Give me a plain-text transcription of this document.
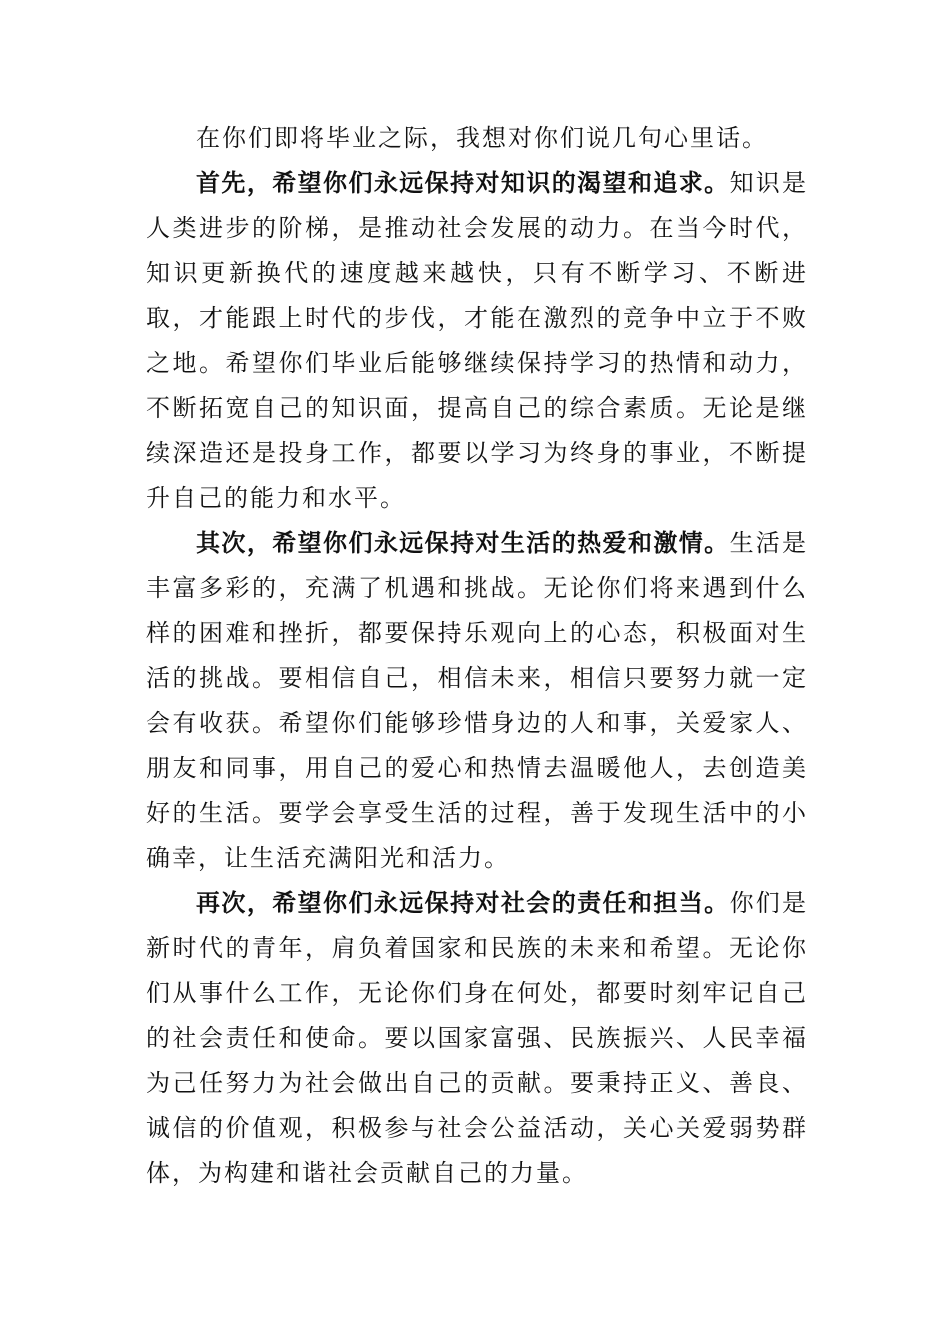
在你们即将毕业之际，我想对你们说几句心里话。

首先，希望你们永远保持对知识的渴望和追求。知识是人类进步的阶梯，是推动社会发展的动力。在当今时代，知识更新换代的速度越来越快，只有不断学习、不断进取，才能跟上时代的步伐，才能在激烈的竞争中立于不败之地。希望你们毕业后能够继续保持学习的热情和动力，不断拓宽自己的知识面，提高自己的综合素质。无论是继续深造还是投身工作，都要以学习为终身的事业，不断提升自己的能力和水平。

其次，希望你们永远保持对生活的热爱和激情。生活是丰富多彩的，充满了机遇和挑战。无论你们将来遇到什么样的困难和挫折，都要保持乐观向上的心态，积极面对生活的挑战。要相信自己，相信未来，相信只要努力就一定会有收获。希望你们能够珍惜身边的人和事，关爱家人、朋友和同事，用自己的爱心和热情去温暖他人，去创造美好的生活。要学会享受生活的过程，善于发现生活中的小确幸，让生活充满阳光和活力。

再次，希望你们永远保持对社会的责任和担当。你们是新时代的青年，肩负着国家和民族的未来和希望。无论你们从事什么工作，无论你们身在何处，都要时刻牢记自己的社会责任和使命。要以国家富强、民族振兴、人民幸福为己任努力为社会做出自己的贡献。要秉持正义、善良、诚信的价值观，积极参与社会公益活动，关心关爱弱势群体，为构建和谐社会贡献自己的力量。
